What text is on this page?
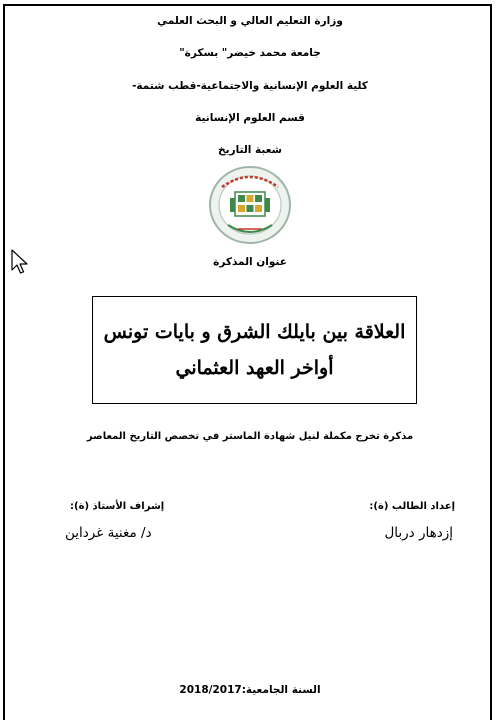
وزارة التعليم العالي و البحث العلمي
جامعة محمد خيضر" بسكرة"
كلية العلوم الإنسانية والاجتماعية-قطب شتمة-
قسم العلوم الإنسانية
شعبة التاريخ
عنوان المذكرة
العلاقة بين بايلك الشرق و بايات تونس
أواخر العهد العثماني
مذكرة تخرج مكملة لنيل شهادة الماستر في تخصص التاريخ المعاصر
إعداد الطالب (ة):
إشراف الأستاذ (ة):
إزدهار دربال
د/ مغنية غرداين
السنة الجامعية:2018/2017
